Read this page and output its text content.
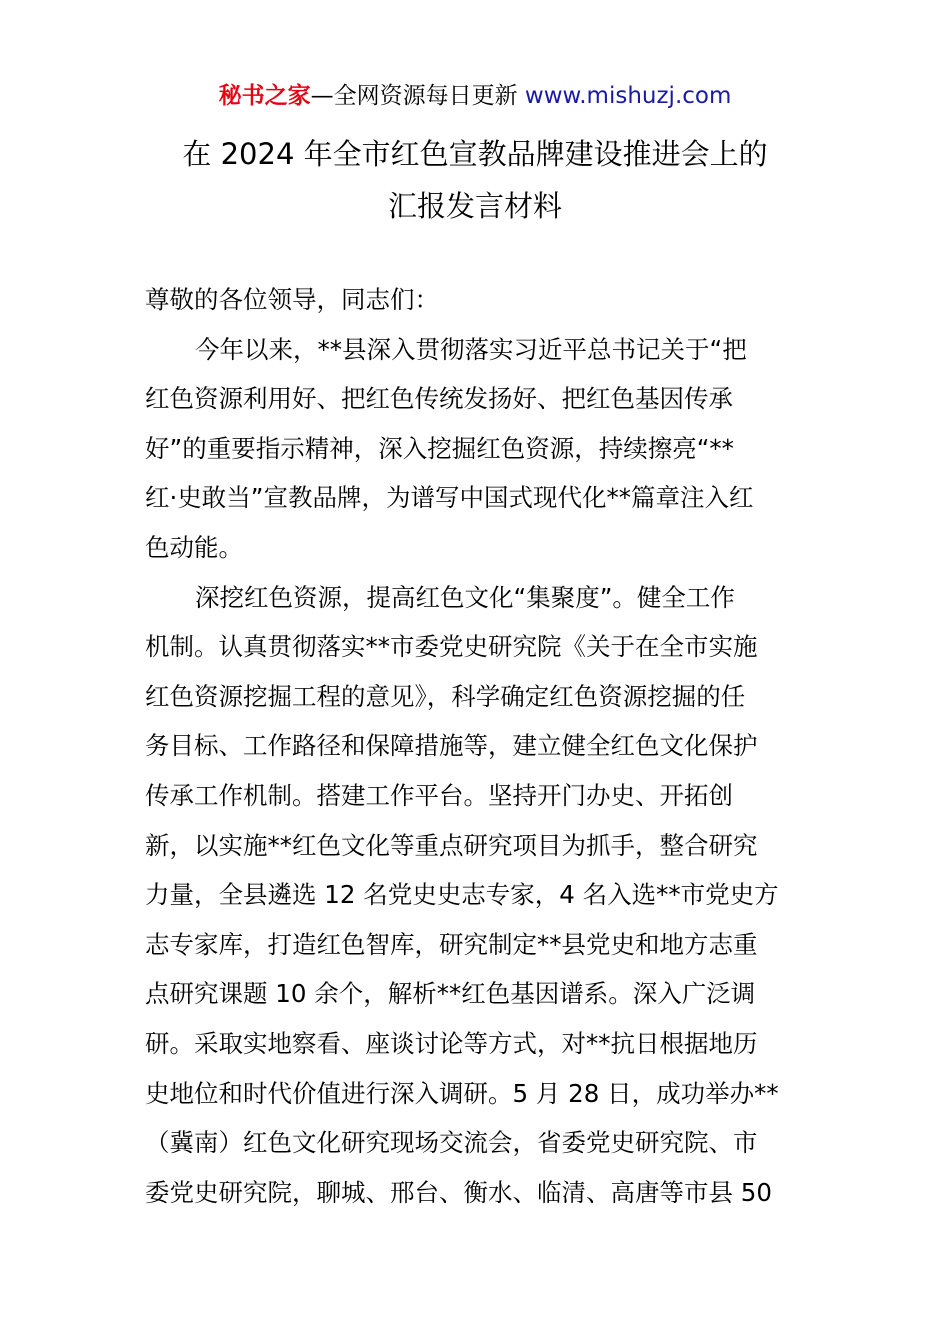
秘书之家—全网资源每日更新 www.mishuzj.com
在 2024 年全市红色宣教品牌建设推进会上的
汇报发言材料
尊敬的各位领导，同志们：
今年以来，**县深入贯彻落实习近平总书记关于“把
红色资源利用好、把红色传统发扬好、把红色基因传承
好”的重要指示精神，深入挖掘红色资源，持续擦亮“**
红·史敢当”宣教品牌，为谱写中国式现代化**篇章注入红
色动能。
深挖红色资源，提高红色文化“集聚度”。健全工作
机制。认真贯彻落实**市委党史研究院《关于在全市实施
红色资源挖掘工程的意见》，科学确定红色资源挖掘的任
务目标、工作路径和保障措施等，建立健全红色文化保护
传承工作机制。搭建工作平台。坚持开门办史、开拓创
新，以实施**红色文化等重点研究项目为抓手，整合研究
力量，全县遴选 12 名党史史志专家，4 名入选**市党史方
志专家库，打造红色智库，研究制定**县党史和地方志重
点研究课题 10 余个，解析**红色基因谱系。深入广泛调
研。采取实地察看、座谈讨论等方式，对**抗日根据地历
史地位和时代价值进行深入调研。5 月 28 日，成功举办**
（冀南）红色文化研究现场交流会，省委党史研究院、市
委党史研究院，聊城、邢台、衡水、临清、高唐等市县 50
